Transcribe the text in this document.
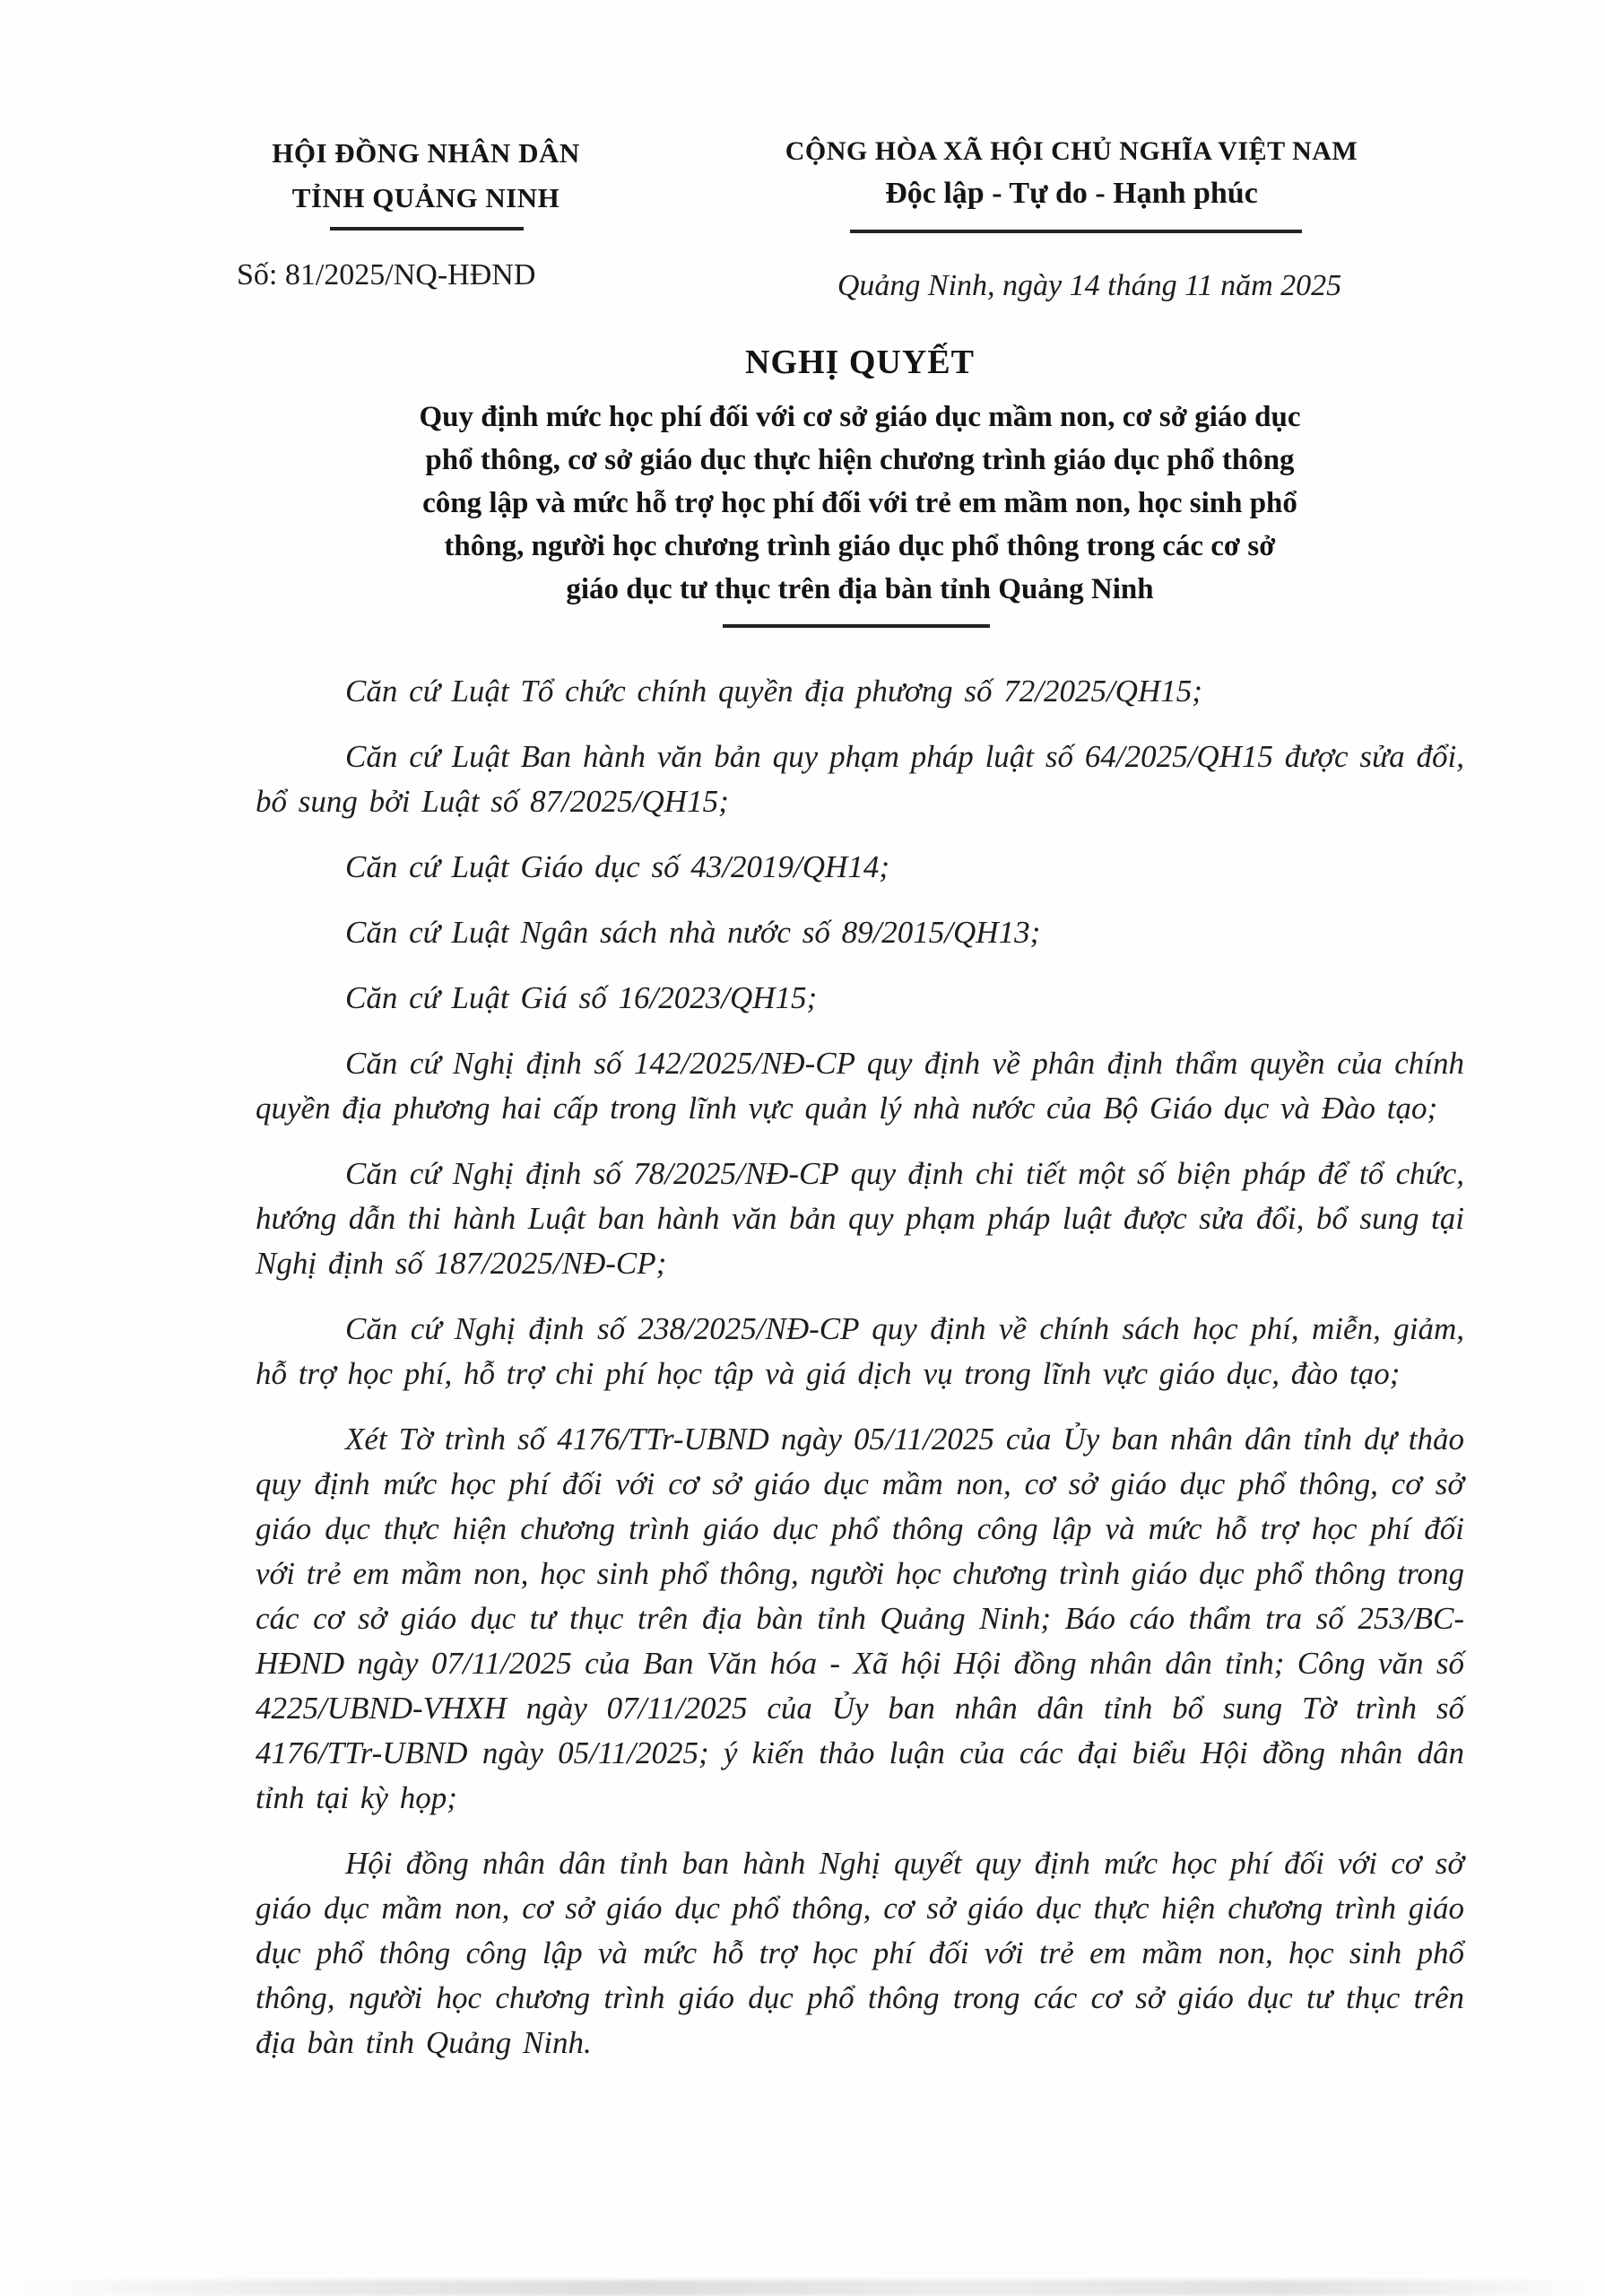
HỘI ĐỒNG NHÂN DÂN
TỈNH QUẢNG NINH
CỘNG HÒA XÃ HỘI CHỦ NGHĨA VIỆT NAM
Độc lập - Tự do - Hạnh phúc
Số: 81/2025/NQ-HĐND	Quảng Ninh, ngày 14 tháng 11 năm 2025
NGHỊ QUYẾT
Quy định mức học phí đối với cơ sở giáo dục mầm non, cơ sở giáo dục
phổ thông, cơ sở giáo dục thực hiện chương trình giáo dục phổ thông
công lập và mức hỗ trợ học phí đối với trẻ em mầm non, học sinh phổ
thông, người học chương trình giáo dục phổ thông trong các cơ sở
giáo dục tư thục trên địa bàn tỉnh Quảng Ninh

Căn cứ Luật Tổ chức chính quyền địa phương số 72/2025/QH15;

Căn cứ Luật Ban hành văn bản quy phạm pháp luật số 64/2025/QH15 được sửa đổi, bổ sung bởi Luật số 87/2025/QH15;

Căn cứ Luật Giáo dục số 43/2019/QH14;

Căn cứ Luật Ngân sách nhà nước số 89/2015/QH13;

Căn cứ Luật Giá số 16/2023/QH15;

Căn cứ Nghị định số 142/2025/NĐ-CP quy định về phân định thẩm quyền của chính quyền địa phương hai cấp trong lĩnh vực quản lý nhà nước của Bộ Giáo dục và Đào tạo;

Căn cứ Nghị định số 78/2025/NĐ-CP quy định chi tiết một số biện pháp để tổ chức, hướng dẫn thi hành Luật ban hành văn bản quy phạm pháp luật được sửa đổi, bổ sung tại Nghị định số 187/2025/NĐ-CP;

Căn cứ Nghị định số 238/2025/NĐ-CP quy định về chính sách học phí, miễn, giảm, hỗ trợ học phí, hỗ trợ chi phí học tập và giá dịch vụ trong lĩnh vực giáo dục, đào tạo;

Xét Tờ trình số 4176/TTr-UBND ngày 05/11/2025 của Ủy ban nhân dân tỉnh dự thảo quy định mức học phí đối với cơ sở giáo dục mầm non, cơ sở giáo dục phổ thông, cơ sở giáo dục thực hiện chương trình giáo dục phổ thông công lập và mức hỗ trợ học phí đối với trẻ em mầm non, học sinh phổ thông, người học chương trình giáo dục phổ thông trong các cơ sở giáo dục tư thục trên địa bàn tỉnh Quảng Ninh; Báo cáo thẩm tra số 253/BC-HĐND ngày 07/11/2025 của Ban Văn hóa - Xã hội Hội đồng nhân dân tỉnh; Công văn số 4225/UBND-VHXH ngày 07/11/2025 của Ủy ban nhân dân tỉnh bổ sung Tờ trình số 4176/TTr-UBND ngày 05/11/2025; ý kiến thảo luận của các đại biểu Hội đồng nhân dân tỉnh tại kỳ họp;

Hội đồng nhân dân tỉnh ban hành Nghị quyết quy định mức học phí đối với cơ sở giáo dục mầm non, cơ sở giáo dục phổ thông, cơ sở giáo dục thực hiện chương trình giáo dục phổ thông công lập và mức hỗ trợ học phí đối với trẻ em mầm non, học sinh phổ thông, người học chương trình giáo dục phổ thông trong các cơ sở giáo dục tư thục trên địa bàn tỉnh Quảng Ninh.
